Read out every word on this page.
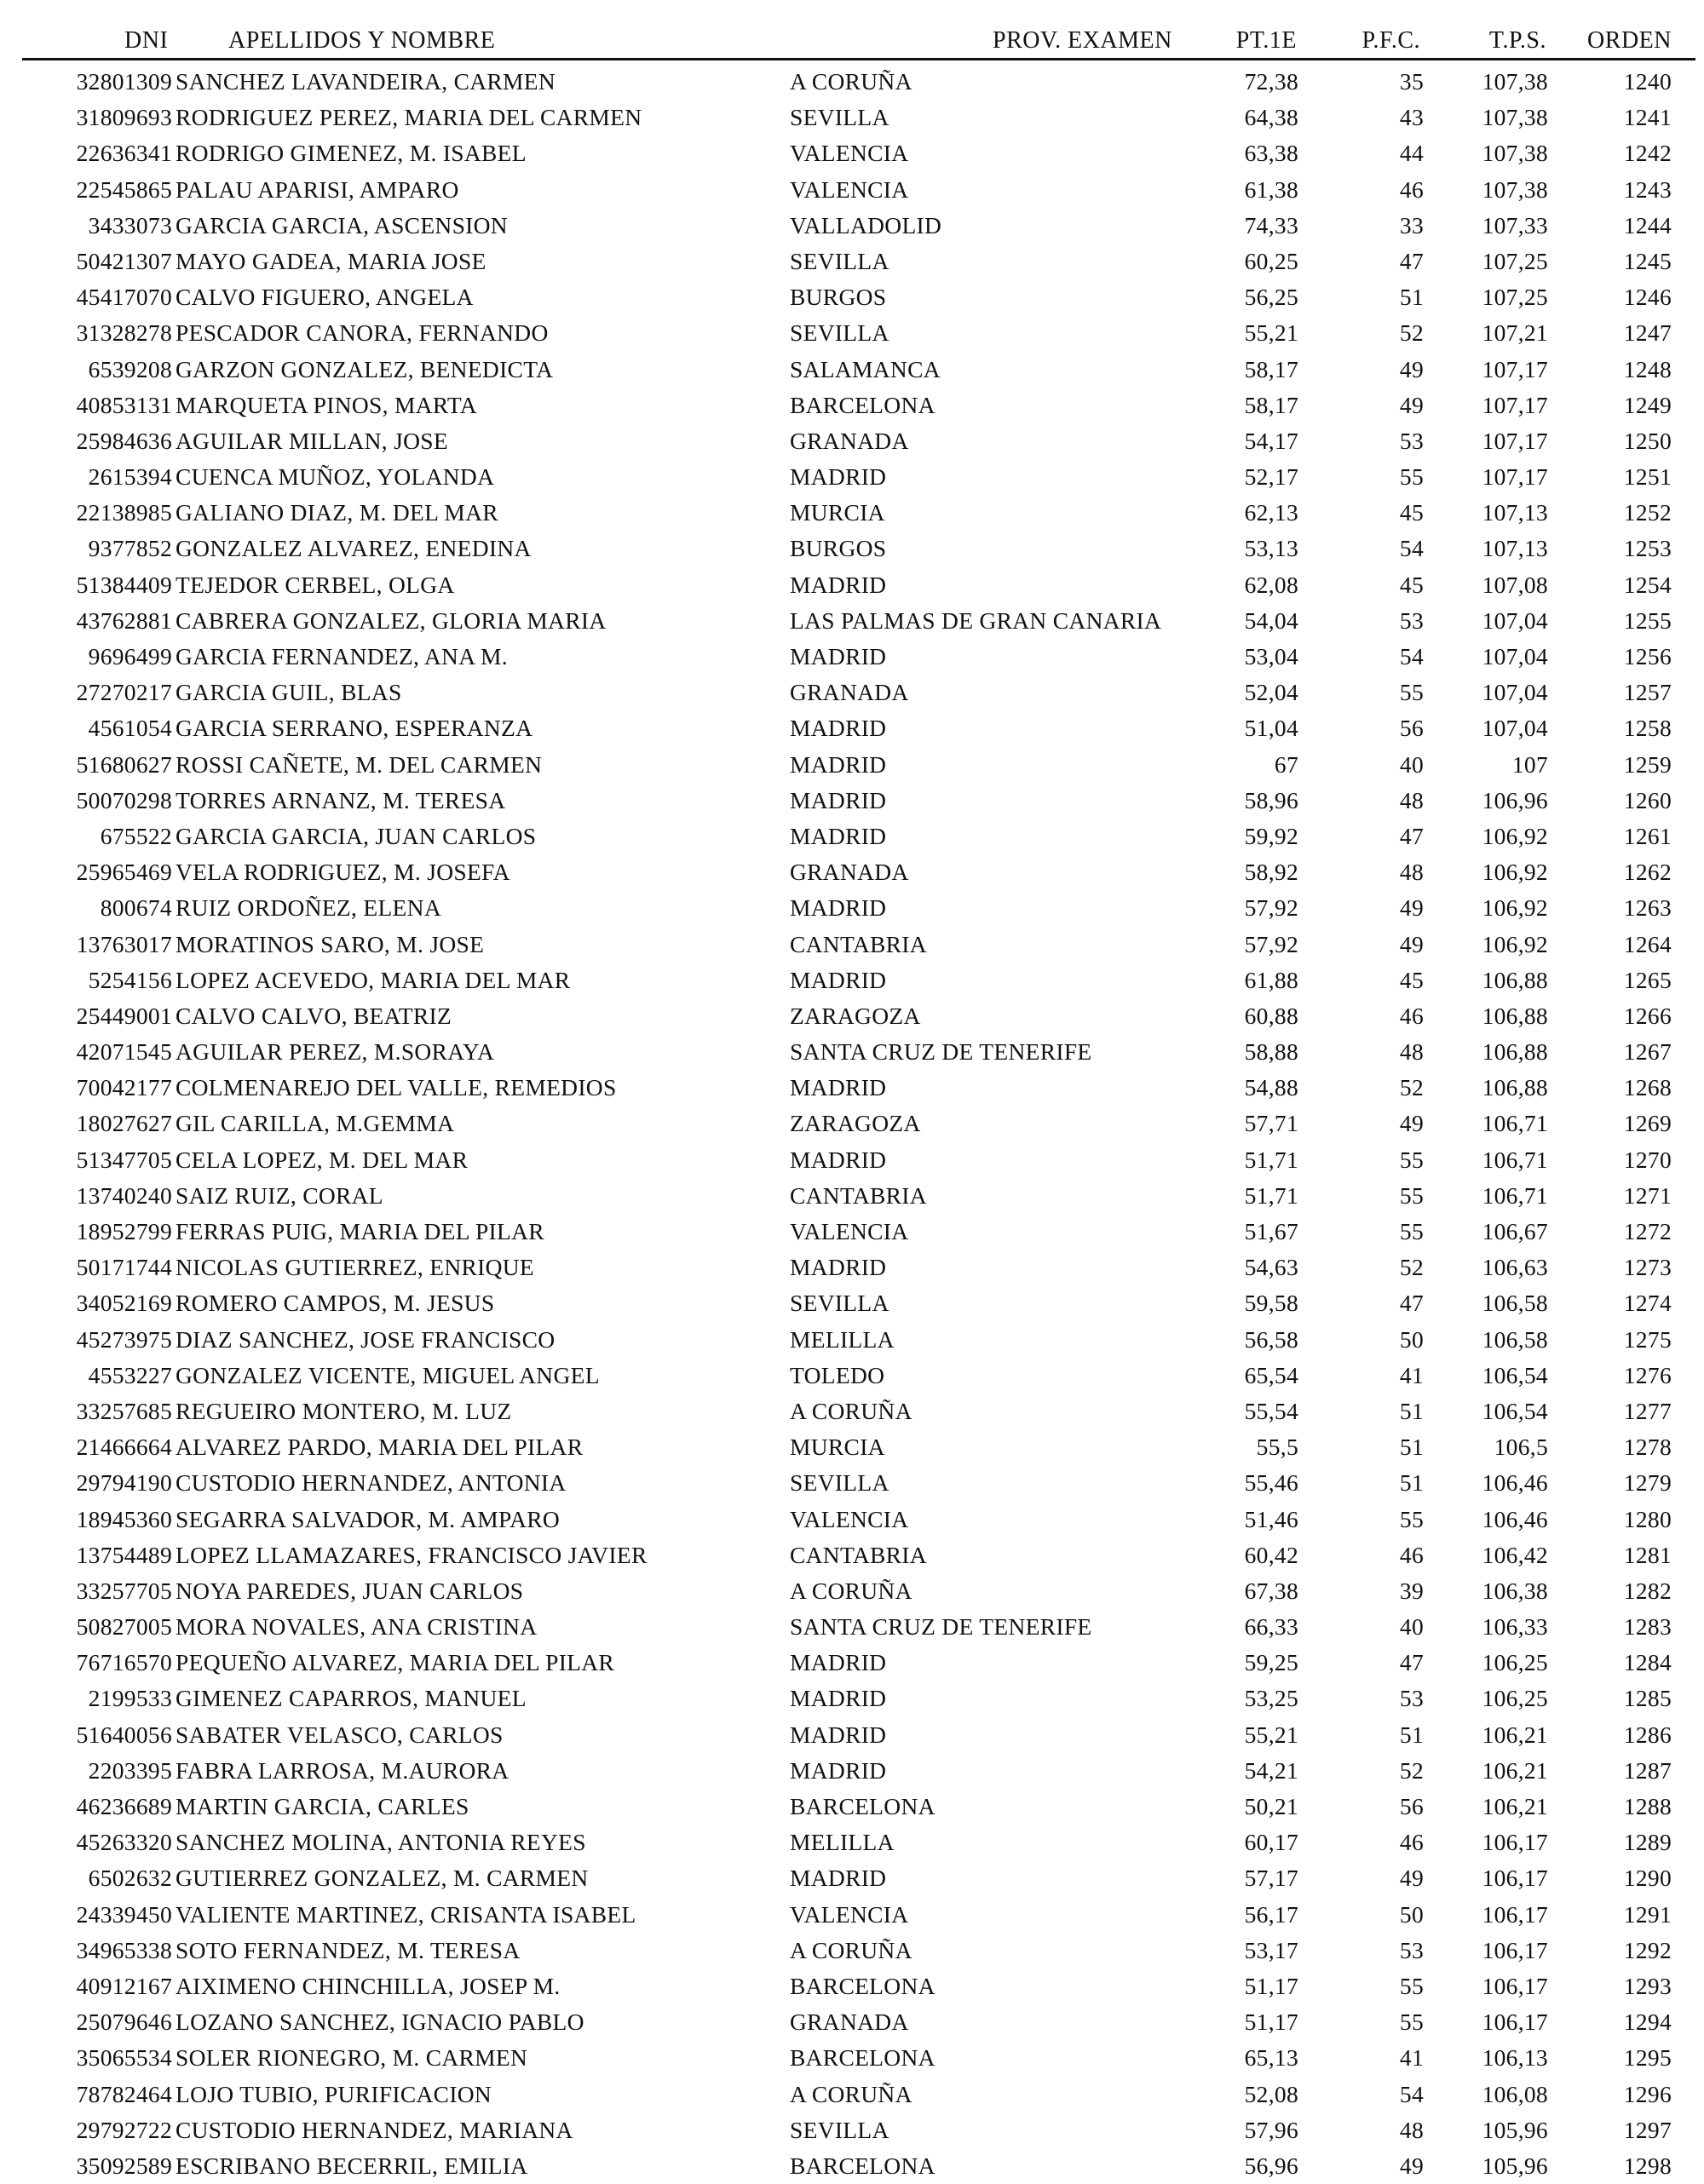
DNI	APELLIDOS Y NOMBRE	PROV. EXAMEN	PT.1E	P.F.C.	T.P.S. ORDEN
32801309 SANCHEZ LAVANDEIRA, CARMEN	A CORUÑA	72,38	35 107,38	1240
31809693 RODRIGUEZ PEREZ, MARIA DEL CARMEN	SEVILLA	64,38	43 107,38	1241
22636341 RODRIGO GIMENEZ, M. ISABEL	VALENCIA	63,38	44 107,38	1242
22545865 PALAU APARISI, AMPARO	VALENCIA	61,38	46 107,38	1243
3433073 GARCIA GARCIA, ASCENSION	VALLADOLID	74,33	33 107,33	1244
50421307 MAYO GADEA, MARIA JOSE	SEVILLA	60,25	47 107,25	1245
45417070 CALVO FIGUERO, ANGELA	BURGOS	56,25	51 107,25	1246
31328278 PESCADOR CANORA, FERNANDO	SEVILLA	55,21	52 107,21	1247
6539208 GARZON GONZALEZ, BENEDICTA	SALAMANCA	58,17	49 107,17	1248
40853131 MARQUETA PINOS, MARTA	BARCELONA	58,17	49 107,17	1249
25984636 AGUILAR MILLAN, JOSE	GRANADA	54,17	53 107,17	1250
2615394 CUENCA MUÑOZ, YOLANDA	MADRID	52,17	55 107,17	1251
22138985 GALIANO DIAZ, M. DEL MAR	MURCIA	62,13	45 107,13	1252
9377852 GONZALEZ ALVAREZ, ENEDINA	BURGOS	53,13	54 107,13	1253
51384409 TEJEDOR CERBEL, OLGA	MADRID	62,08	45 107,08	1254
43762881 CABRERA GONZALEZ, GLORIA MARIA	LAS PALMAS DE GRAN CANARIA	54,04	53 107,04	1255
9696499 GARCIA FERNANDEZ, ANA M.	MADRID	53,04	54 107,04	1256
27270217 GARCIA GUIL, BLAS	GRANADA	52,04	55 107,04	1257
4561054 GARCIA SERRANO, ESPERANZA	MADRID	51,04	56 107,04	1258
51680627 ROSSI CAÑETE, M. DEL CARMEN	MADRID	67	40	107	1259
50070298 TORRES ARNANZ, M. TERESA	MADRID	58,96	48 106,96	1260
675522 GARCIA GARCIA, JUAN CARLOS	MADRID	59,92	47 106,92	1261
25965469 VELA RODRIGUEZ, M. JOSEFA	GRANADA	58,92	48 106,92	1262
800674 RUIZ ORDOÑEZ, ELENA	MADRID	57,92	49 106,92	1263
13763017 MORATINOS SARO, M. JOSE	CANTABRIA	57,92	49 106,92	1264
5254156 LOPEZ ACEVEDO, MARIA DEL MAR	MADRID	61,88	45 106,88	1265
25449001 CALVO CALVO, BEATRIZ	ZARAGOZA	60,88	46 106,88	1266
42071545 AGUILAR PEREZ, M.SORAYA	SANTA CRUZ DE TENERIFE	58,88	48 106,88	1267
70042177 COLMENAREJO DEL VALLE, REMEDIOS	MADRID	54,88	52 106,88	1268
18027627 GIL CARILLA, M.GEMMA	ZARAGOZA	57,71	49 106,71	1269
51347705 CELA LOPEZ, M. DEL MAR	MADRID	51,71	55 106,71	1270
13740240 SAIZ RUIZ, CORAL	CANTABRIA	51,71	55 106,71	1271
18952799 FERRAS PUIG, MARIA DEL PILAR	VALENCIA	51,67	55 106,67	1272
50171744 NICOLAS GUTIERREZ, ENRIQUE	MADRID	54,63	52 106,63	1273
34052169 ROMERO CAMPOS, M. JESUS	SEVILLA	59,58	47 106,58	1274
45273975 DIAZ SANCHEZ, JOSE FRANCISCO	MELILLA	56,58	50 106,58	1275
4553227 GONZALEZ VICENTE, MIGUEL ANGEL	TOLEDO	65,54	41 106,54	1276
33257685 REGUEIRO MONTERO, M. LUZ	A CORUÑA	55,54	51 106,54	1277
21466664 ALVAREZ PARDO, MARIA DEL PILAR	MURCIA	55,5	51	106,5	1278
29794190 CUSTODIO HERNANDEZ, ANTONIA	SEVILLA	55,46	51 106,46	1279
18945360 SEGARRA SALVADOR, M. AMPARO	VALENCIA	51,46	55 106,46	1280
13754489 LOPEZ LLAMAZARES, FRANCISCO JAVIER	CANTABRIA	60,42	46 106,42	1281
33257705 NOYA PAREDES, JUAN CARLOS	A CORUÑA	67,38	39 106,38	1282
50827005 MORA NOVALES, ANA CRISTINA	SANTA CRUZ DE TENERIFE	66,33	40 106,33	1283
76716570 PEQUEÑO ALVAREZ, MARIA DEL PILAR	MADRID	59,25	47 106,25	1284
2199533 GIMENEZ CAPARROS, MANUEL	MADRID	53,25	53 106,25	1285
51640056 SABATER VELASCO, CARLOS	MADRID	55,21	51 106,21	1286
2203395 FABRA LARROSA, M.AURORA	MADRID	54,21	52 106,21	1287
46236689 MARTIN GARCIA, CARLES	BARCELONA	50,21	56 106,21	1288
45263320 SANCHEZ MOLINA, ANTONIA REYES	MELILLA	60,17	46 106,17	1289
6502632 GUTIERREZ GONZALEZ, M. CARMEN	MADRID	57,17	49 106,17	1290
24339450 VALIENTE MARTINEZ, CRISANTA ISABEL	VALENCIA	56,17	50 106,17	1291
34965338 SOTO FERNANDEZ, M. TERESA	A CORUÑA	53,17	53 106,17	1292
40912167 AIXIMENO CHINCHILLA, JOSEP M.	BARCELONA	51,17	55 106,17	1293
25079646 LOZANO SANCHEZ, IGNACIO PABLO	GRANADA	51,17	55 106,17	1294
35065534 SOLER RIONEGRO, M. CARMEN	BARCELONA	65,13	41 106,13	1295
78782464 LOJO TUBIO, PURIFICACION	A CORUÑA	52,08	54 106,08	1296
29792722 CUSTODIO HERNANDEZ, MARIANA	SEVILLA	57,96	48 105,96	1297
35092589 ESCRIBANO BECERRIL, EMILIA	BARCELONA	56,96	49 105,96	1298
